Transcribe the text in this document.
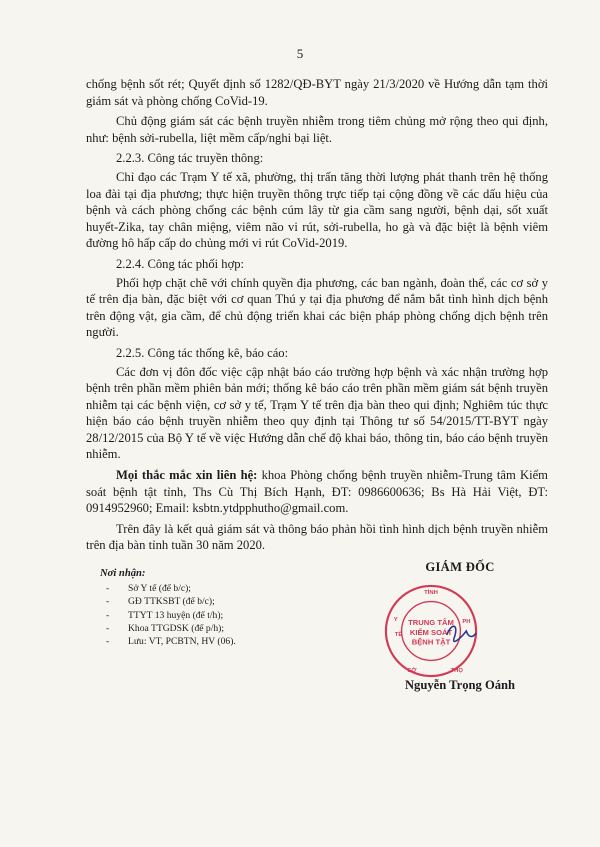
5

chống bệnh sốt rét; Quyết định số 1282/QĐ-BYT ngày 21/3/2020 về Hướng dẫn tạm thời giám sát và phòng chống CoVid-19.

Chủ động giám sát các bệnh truyền nhiễm trong tiêm chủng mở rộng theo qui định, như: bệnh sởi-rubella, liệt mềm cấp/nghi bại liệt.

2.2.3. Công tác truyền thông:

Chỉ đạo các Trạm Y tế xã, phường, thị trấn tăng thời lượng phát thanh trên hệ thống loa đài tại địa phương; thực hiện truyền thông trực tiếp tại cộng đồng về các dấu hiệu của bệnh và cách phòng chống các bệnh cúm lây từ gia cầm sang người, bệnh dại, sốt xuất huyết-Zika, tay chân miệng, viêm não vi rút, sởi-rubella, ho gà và đặc biệt là bệnh viêm đường hô hấp cấp do chủng mới vi rút CoVid-2019.

2.2.4. Công tác phối hợp:

Phối hợp chặt chẽ với chính quyền địa phương, các ban ngành, đoàn thể, các cơ sở y tế trên địa bàn, đặc biệt với cơ quan Thú y tại địa phương để nắm bắt tình hình dịch bệnh trên động vật, gia cầm, để chủ động triển khai các biện pháp phòng chống dịch bệnh trên người.

2.2.5. Công tác thống kê, báo cáo:

Các đơn vị đôn đốc việc cập nhật báo cáo trường hợp bệnh và xác nhận trường hợp bệnh trên phần mềm phiên bản mới; thống kê báo cáo trên phần mềm giám sát bệnh truyền nhiễm tại các bệnh viện, cơ sở y tế, Trạm Y tế trên địa bàn theo qui định; Nghiêm túc thực hiện báo cáo bệnh truyền nhiễm theo quy định tại Thông tư số 54/2015/TT-BYT ngày 28/12/2015 của Bộ Y tế về việc Hướng dẫn chế độ khai báo, thông tin, báo cáo bệnh truyền nhiễm.

Mọi thắc mắc xin liên hệ: khoa Phòng chống bệnh truyền nhiễm-Trung tâm Kiểm soát bệnh tật tỉnh, Ths Cù Thị Bích Hạnh, ĐT: 0986600636; Bs Hà Hải Việt, ĐT: 0914952960; Email: ksbtn.ytdpphutho@gmail.com.

Trên đây là kết quả giám sát và thông báo phản hồi tình hình dịch bệnh truyền nhiễm trên địa bàn tỉnh tuần 30 năm 2020.

Nơi nhận:
- Sở Y tế (để b/c);
- GĐ TTKSBT (để b/c);
- TTYT 13 huyện (để t/h);
- Khoa TTGDSK (để p/h);
- Lưu: VT, PCBTN, HV (06).
GIÁM ĐỐC
TỈNH
Y
TẾ
PH
SỞ	THỌ
TRUNG TÂM
KIỂM SOÁT
BỆNH TẬT
Nguyễn Trọng Oánh
